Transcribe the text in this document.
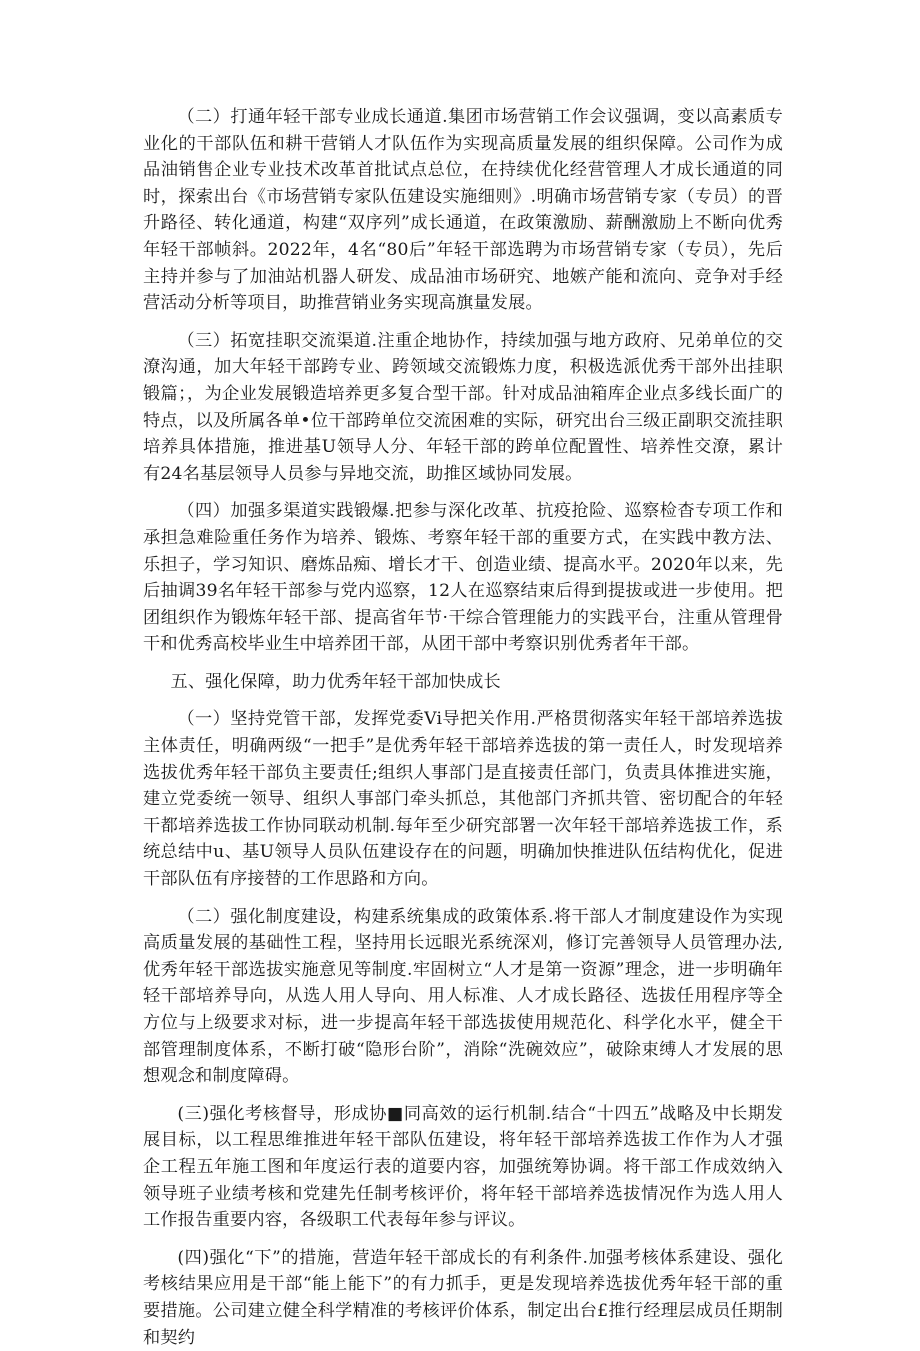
（二）打通年轻干部专业成长通道.集团市场营销工作会议强调，变以高素质专业化的干部队伍和耕干营销人才队伍作为实现高质量发展的组织保障。公司作为成品油销售企业专业技术改革首批试点总位，在持续优化经营管理人才成长通道的同时，探索出台《市场营销专家队伍建设实施细则》.明确市场营销专家（专员）的晋升路径、转化通道，构建“双序列”成长通道，在政策激励、薪酬激励上不断向优秀年轻干部帧斜。2022年，4名“80后”年轻干部选聘为市场营销专家（专员），先后主持并参与了加油站机器人研发、成品油市场研究、地嫉产能和流向、竞争对手经营活动分析等项目，助推营销业务实现高旗量发展。

（三）拓宽挂职交流渠道.注重企地协作，持续加强与地方政府、兄弟单位的交潦沟通，加大年轻干部跨专业、跨领域交流锻炼力度，积极选派优秀干部外出挂职锻篇；，为企业发展锻造培养更多复合型干部。针对成品油箱库企业点多线长面广的特点，以及所属各单•位干部跨单位交流困难的实际，研究出台三级正副职交流挂职培养具体措施，推进基U领导人分、年轻干部的跨单位配置性、培养性交潦，累计有24名基层领导人员参与异地交流，助推区域协同发展。

（四）加强多渠道实践锻爆.把参与深化改革、抗疫抢险、巡察检杳专项工作和承担急难险重任务作为培养、锻炼、考察年轻干部的重要方式，在实践中教方法、乐担子，学习知识、磨炼品痴、增长才干、创造业绩、提高水平。2020年以来，先后抽调39名年轻干部参与党内巡察，12人在巡察结束后得到提拔或进一步使用。把团组织作为锻炼年轻干部、提高省年节·干综合管理能力的实践平台，注重从管理骨干和优秀高校毕业生中培养团干部，从团干部中考察识别优秀者年干部。

五、强化保障，助力优秀年轻干部加快成长

（一）坚持党管干部，发挥党委Vi导把关作用.严格贯彻落实年轻干部培养选拔主体责任，明确两级“一把手”是优秀年轻干部培养选拔的第一责任人，时发现培养选拔优秀年轻干部负主要责任;组织人事部门是直接责任部门，负责具体推进实施，建立党委统一领导、组织人事部门牵头抓总，其他部门齐抓共管、密切配合的年轻干都培养选拔工作协同联动机制.每年至少研究部署一次年轻干部培养选拔工作，系统总结中u、基U领导人员队伍建设存在的问题，明确加快推进队伍结构优化，促进干部队伍有序接替的工作思路和方向。

（二）强化制度建设，构建系统集成的政策体系.将干部人才制度建设作为实现高质量发展的基础性工程，坚持用长远眼光系统深刈，修订完善领导人员管理办法,优秀年轻干部选拔实施意见等制度.牢固树立“人才是第一资源”理念，进一步明确年轻干部培养导向，从选人用人导向、用人标准、人才成长路径、选拔任用程序等全方位与上级要求对标，进一步提高年轻干部选拔使用规范化、科学化水平，健全干部管理制度体系，不断打破“隐形台阶”，消除“洗碗效应”，破除束缚人才发展的思想观念和制度障碍。

(三)强化考核督导，形成协■同高效的运行机制.结合“十四五”战略及中长期发展目标，以工程思维推进年轻干部队伍建设，将年轻干部培养选拔工作作为人才强企工程五年施工图和年度运行表的道要内容，加强统筹协调。将干部工作成效纳入领导班子业绩考核和党建先任制考核评价，将年轻干部培养选拔情况作为选人用人工作报告重要内容，各级职工代表每年参与评议。

(四)强化“下”的措施，营造年轻干部成长的有利条件.加强考核体系建设、强化考核结果应用是干部“能上能下”的有力抓手，更是发现培养选拔优秀年轻干部的重要措施。公司建立健全科学精准的考核评价体系，制定出台£推行经理层成员任期制和契约
